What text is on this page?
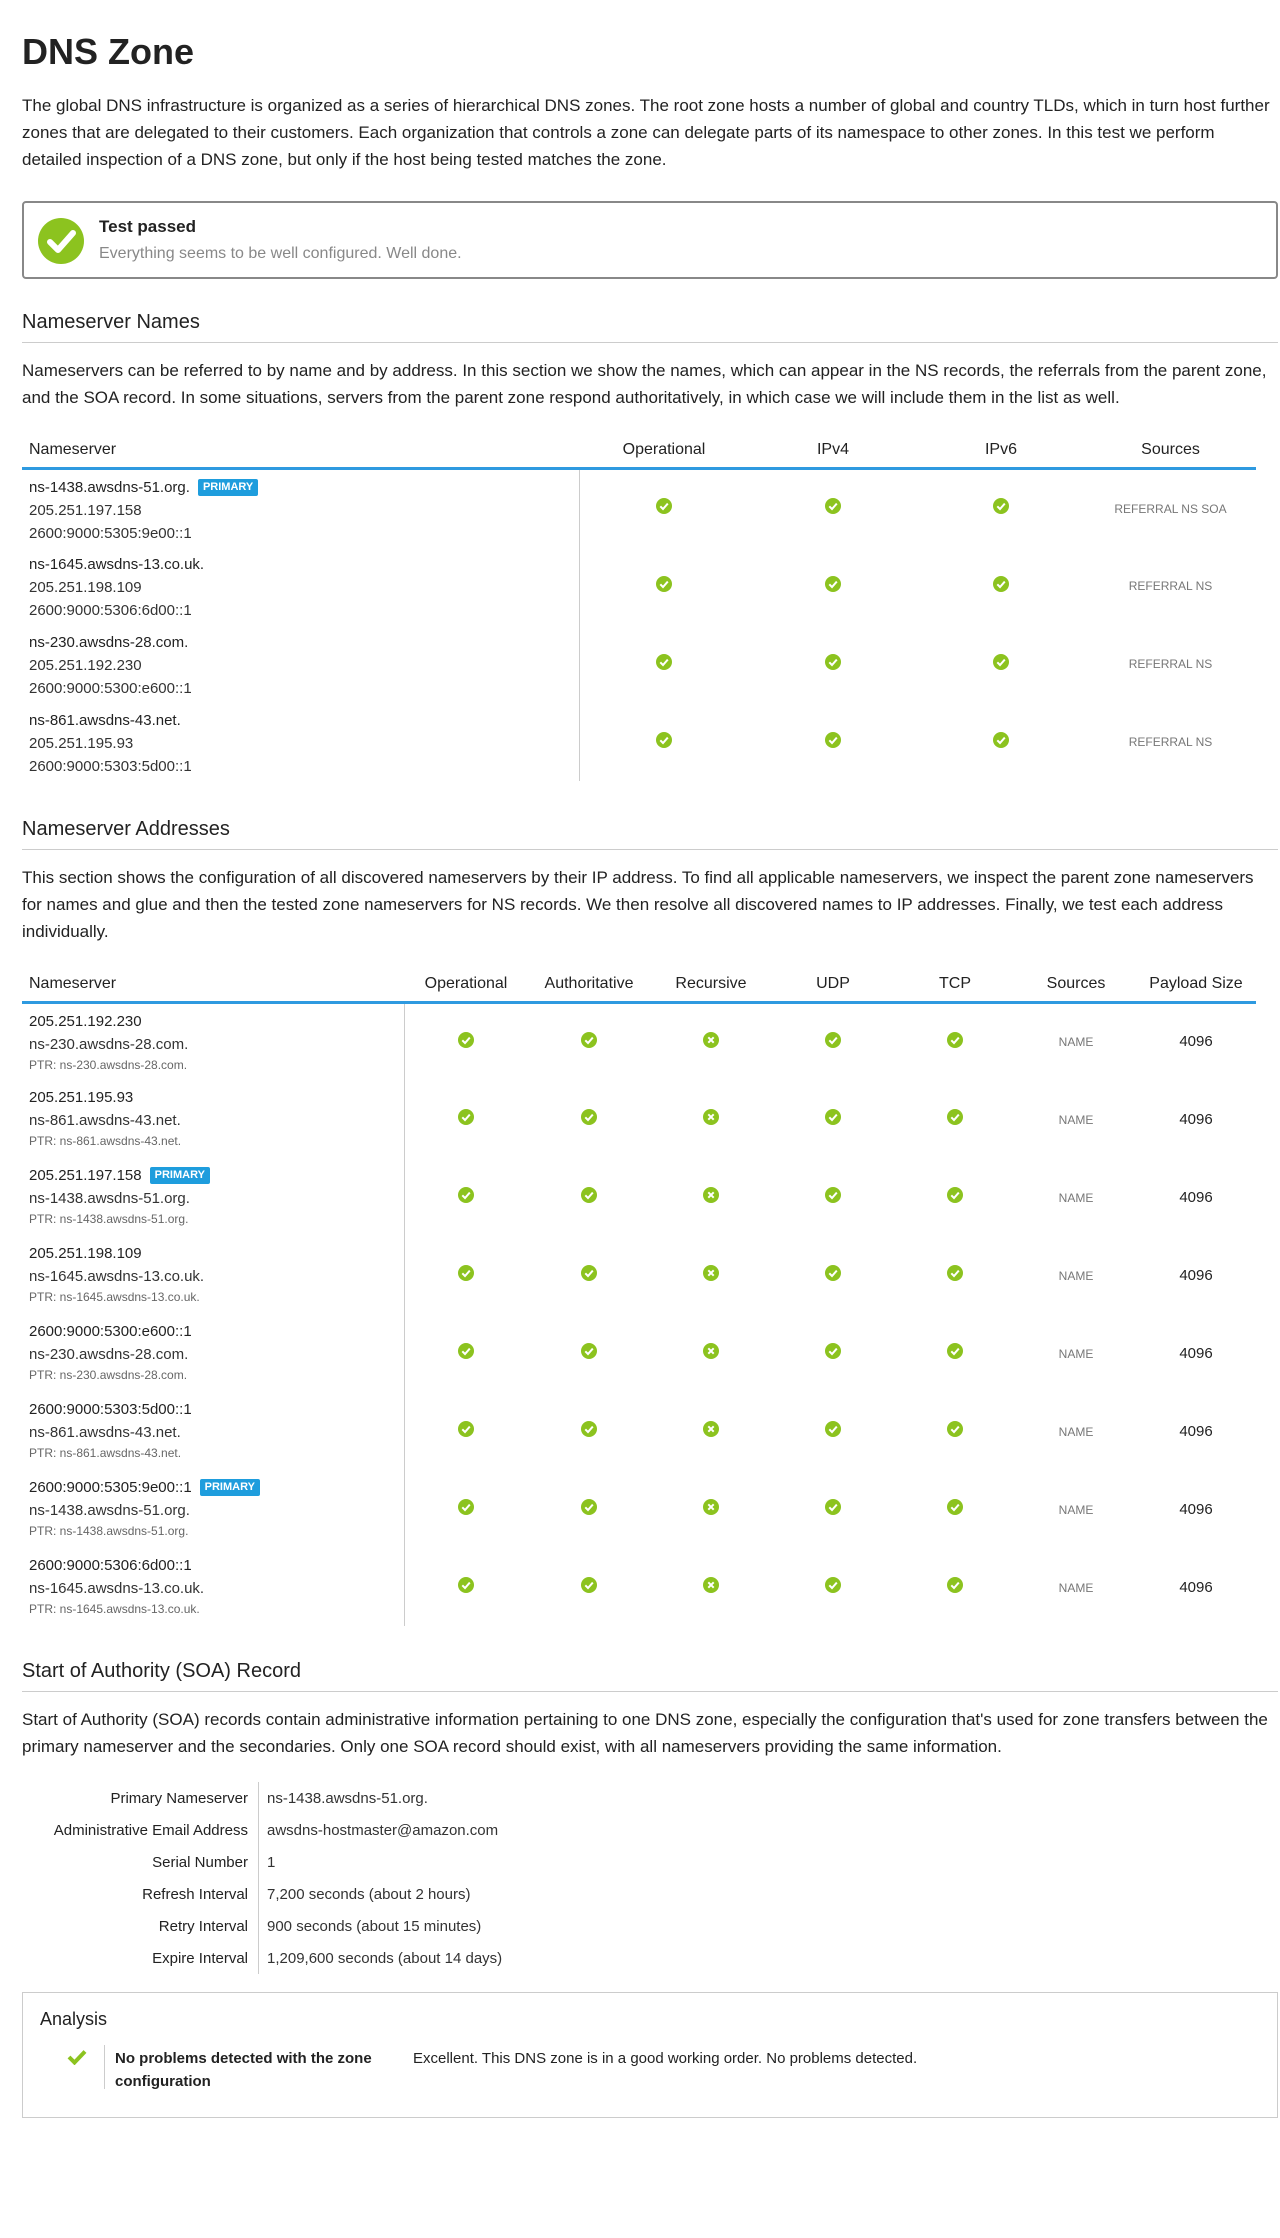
DNS Zone

The global DNS infrastructure is organized as a series of hierarchical DNS zones. The root zone hosts a number of global and country TLDs, which in turn host further zones that are delegated to their customers. Each organization that controls a zone can delegate parts of its namespace to other zones. In this test we perform detailed inspection of a DNS zone, but only if the host being tested matches the zone.

Test passed
Everything seems to be well configured. Well done.
Nameserver Names

Nameservers can be referred to by name and by address. In this section we show the names, which can appear in the NS records, the referrals from the parent zone, and the SOA record. In some situations, servers from the parent zone respond authoritatively, in which case we will include them in the list as well.

Nameserver	Operational	IPv4	IPv6	Sources

ns-1438.awsdns-51.org. PRIMARY
205.251.197.158
2600:9000:5305:9e00::1				REFERRAL NS SOA

ns-1645.awsdns-13.co.uk.
205.251.198.109
2600:9000:5306:6d00::1				REFERRAL NS

ns-230.awsdns-28.com.
205.251.192.230
2600:9000:5300:e600::1				REFERRAL NS

ns-861.awsdns-43.net.
205.251.195.93
2600:9000:5303:5d00::1				REFERRAL NS
Nameserver Addresses

This section shows the configuration of all discovered nameservers by their IP address. To find all applicable nameservers, we inspect the parent zone nameservers for names and glue and then the tested zone nameservers for NS records. We then resolve all discovered names to IP addresses. Finally, we test each address individually.

Nameserver	Operational	Authoritative	Recursive	UDP	TCP	Sources	Payload Size

205.251.192.230
ns-230.awsdns-28.com.
PTR: ns-230.awsdns-28.com.						NAME	4096

205.251.195.93
ns-861.awsdns-43.net.
PTR: ns-861.awsdns-43.net.						NAME	4096

205.251.197.158 PRIMARY
ns-1438.awsdns-51.org.
PTR: ns-1438.awsdns-51.org.						NAME	4096

205.251.198.109
ns-1645.awsdns-13.co.uk.
PTR: ns-1645.awsdns-13.co.uk.						NAME	4096

2600:9000:5300:e600::1
ns-230.awsdns-28.com.
PTR: ns-230.awsdns-28.com.						NAME	4096

2600:9000:5303:5d00::1
ns-861.awsdns-43.net.
PTR: ns-861.awsdns-43.net.						NAME	4096

2600:9000:5305:9e00::1 PRIMARY
ns-1438.awsdns-51.org.
PTR: ns-1438.awsdns-51.org.						NAME	4096

2600:9000:5306:6d00::1
ns-1645.awsdns-13.co.uk.
PTR: ns-1645.awsdns-13.co.uk.						NAME	4096
Start of Authority (SOA) Record

Start of Authority (SOA) records contain administrative information pertaining to one DNS zone, especially the configuration that's used for zone transfers between the primary nameserver and the secondaries. Only one SOA record should exist, with all nameservers providing the same information.

Primary Nameserver	ns-1438.awsdns-51.org.
Administrative Email Address	awsdns-hostmaster@amazon.com
Serial Number	1
Refresh Interval	7,200 seconds (about 2 hours)
Retry Interval	900 seconds (about 15 minutes)
Expire Interval	1,209,600 seconds (about 14 days)
Analysis
No problems detected with the zone configuration
Excellent. This DNS zone is in a good working order. No problems detected.
